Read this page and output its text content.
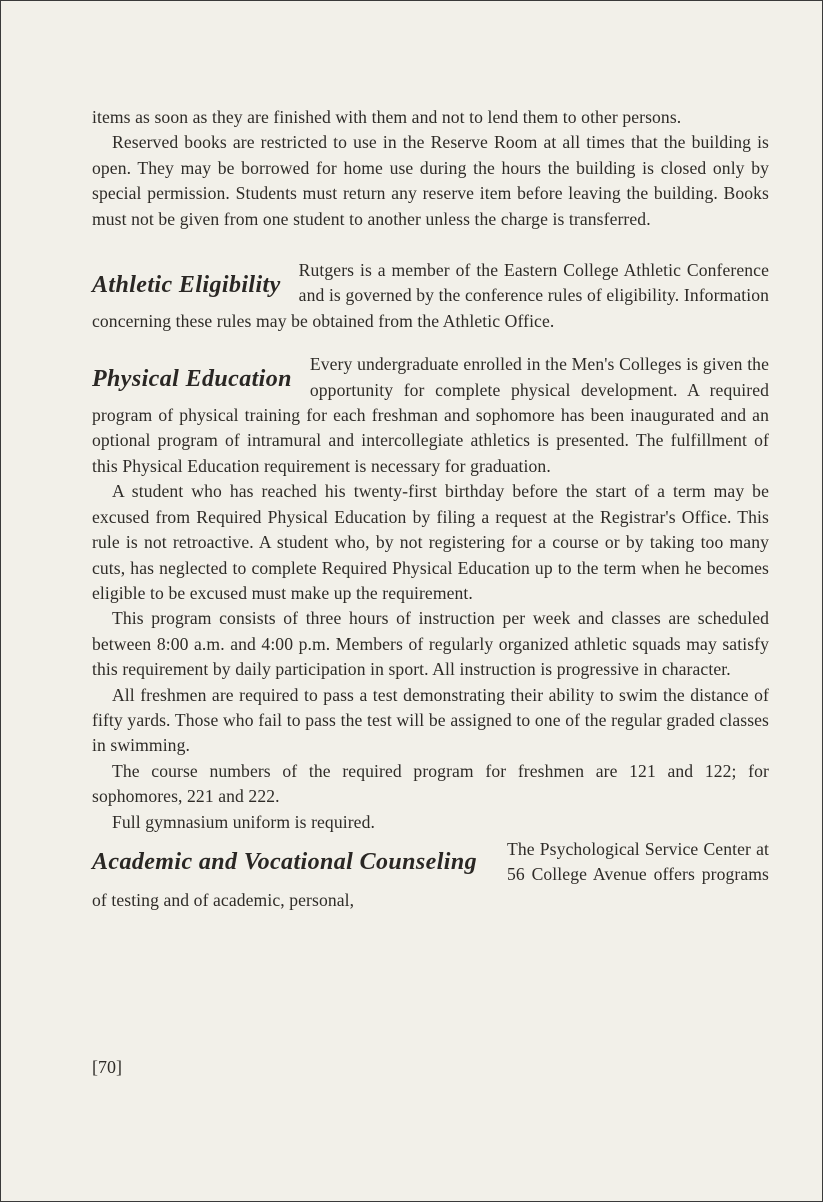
items as soon as they are finished with them and not to lend them to other persons.

Reserved books are restricted to use in the Reserve Room at all times that the building is open. They may be borrowed for home use during the hours the building is closed only by special permission. Students must return any reserve item before leaving the building. Books must not be given from one student to another unless the charge is transferred.

Athletic Eligibility

Rutgers is a member of the Eastern College Athletic Conference and is governed by the conference rules of eligibility. Information concerning these rules may be obtained from the Athletic Office.

Physical Education

Every undergraduate enrolled in the Men's Colleges is given the opportunity for complete physical development. A required program of physical training for each freshman and sophomore has been inaugurated and an optional program of intramural and intercollegiate athletics is presented. The fulfillment of this Physical Education requirement is necessary for graduation.

A student who has reached his twenty-first birthday before the start of a term may be excused from Required Physical Education by filing a request at the Registrar's Office. This rule is not retroactive. A student who, by not registering for a course or by taking too many cuts, has neglected to complete Required Physical Education up to the term when he becomes eligible to be excused must make up the requirement.

This program consists of three hours of instruction per week and classes are scheduled between 8:00 a.m. and 4:00 p.m. Members of regularly organized athletic squads may satisfy this requirement by daily participation in sport. All instruction is progressive in character.

All freshmen are required to pass a test demonstrating their ability to swim the distance of fifty yards. Those who fail to pass the test will be assigned to one of the regular graded classes in swimming.

The course numbers of the required program for freshmen are 121 and 122; for sophomores, 221 and 222.

Full gymnasium uniform is required.

Academic and Vocational Counseling	The Psychological Service Center at 56 College Avenue offers programs of testing and of academic, personal,

[70]
